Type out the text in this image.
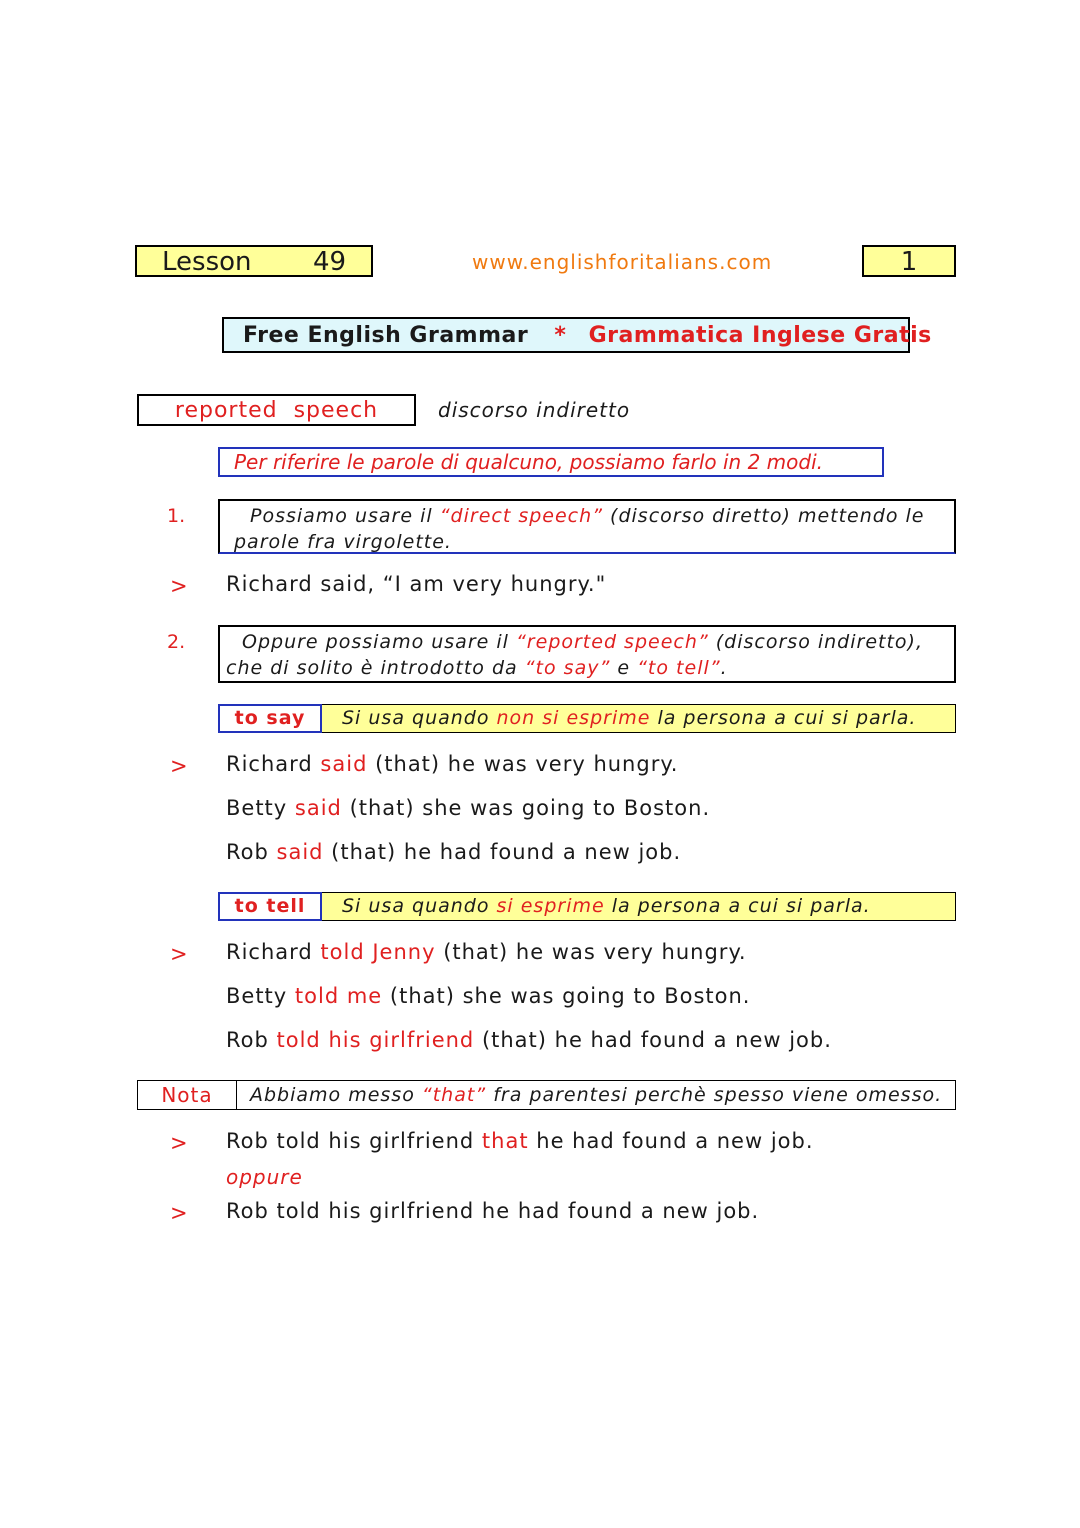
Lesson 49	www.englishforitalians.com	1
Free English Grammar * Grammatica Inglese Gratis
reported  speech	discorso indiretto
Per riferire le parole di qualcuno, possiamo farlo in 2 modi.
1.	Possiamo usare il “direct speech” (discorso diretto) mettendo le parole fra virgolette.
> Richard said, “I am very hungry."
2.	Oppure possiamo usare il “reported speech” (discorso indiretto), che di solito è introdotto da “to say” e “to tell”.
to say	Si usa quando non si esprime la persona a cui si parla.
> Richard said (that) he was very hungry.
Betty said (that) she was going to Boston.
Rob said (that) he had found a new job.
to tell	Si usa quando si esprime la persona a cui si parla.
> Richard told Jenny (that) he was very hungry.
Betty told me (that) she was going to Boston.
Rob told his girlfriend (that) he had found a new job.
Nota	Abbiamo messo “that” fra parentesi perchè spesso viene omesso.
> Rob told his girlfriend that he had found a new job.
oppure
> Rob told his girlfriend he had found a new job.
